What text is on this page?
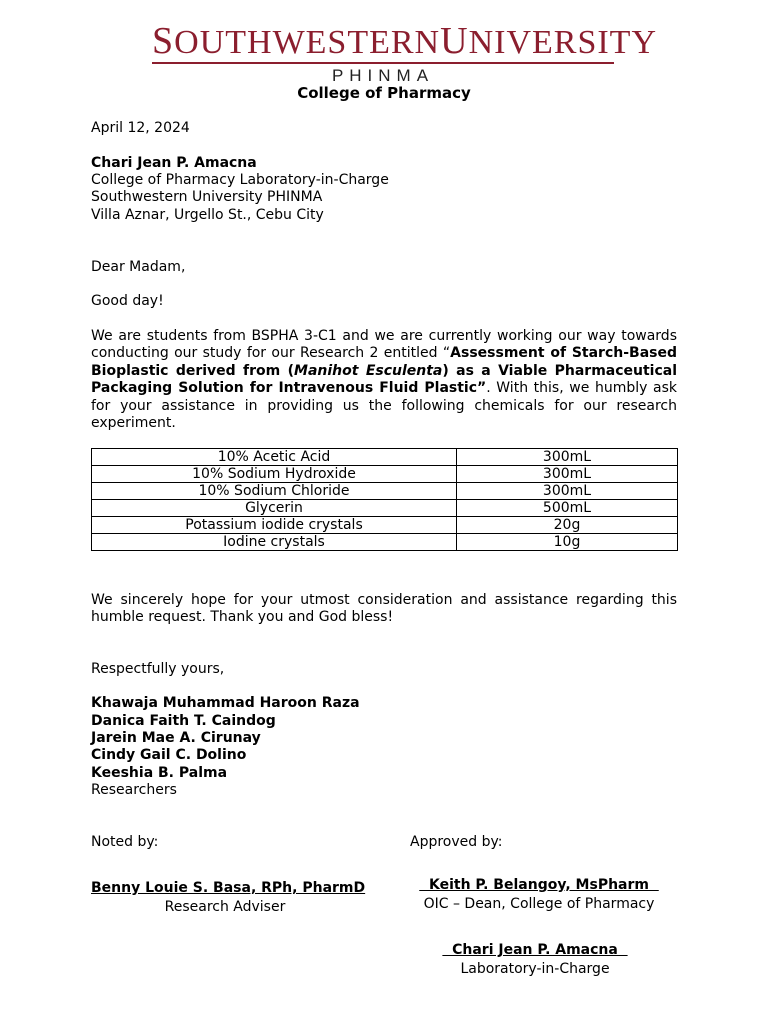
SOUTHWESTERNUNIVERSITY
PHINMA
College of Pharmacy
April 12, 2024
Chari Jean P. Amacna
College of Pharmacy Laboratory-in-Charge
Southwestern University PHINMA
Villa Aznar, Urgello St., Cebu City
Dear Madam,
Good day!
We are students from BSPHA 3-C1 and we are currently working our way towards conducting our study for our Research 2 entitled “Assessment of Starch-Based Bioplastic derived from (Manihot Esculenta) as a Viable Pharmaceutical Packaging Solution for Intravenous Fluid Plastic”. With this, we humbly ask for your assistance in providing us the following chemicals for our research experiment.
10% Acetic Acid	300mL
10% Sodium Hydroxide	300mL
10% Sodium Chloride	300mL
Glycerin	500mL
Potassium iodide crystals	20g
Iodine crystals	10g
We sincerely hope for your utmost consideration and assistance regarding this humble request. Thank you and God bless!
Respectfully yours,
Khawaja Muhammad Haroon Raza
Danica Faith T. Caindog
Jarein Mae A. Cirunay
Cindy Gail C. Dolino
Keeshia B. Palma
Researchers
Noted by:	Approved by:
Benny Louie S. Basa, RPh, PharmD
Research Adviser
Keith P. Belangoy, MsPharm
OIC – Dean, College of Pharmacy
Chari Jean P. Amacna
Laboratory-in-Charge
